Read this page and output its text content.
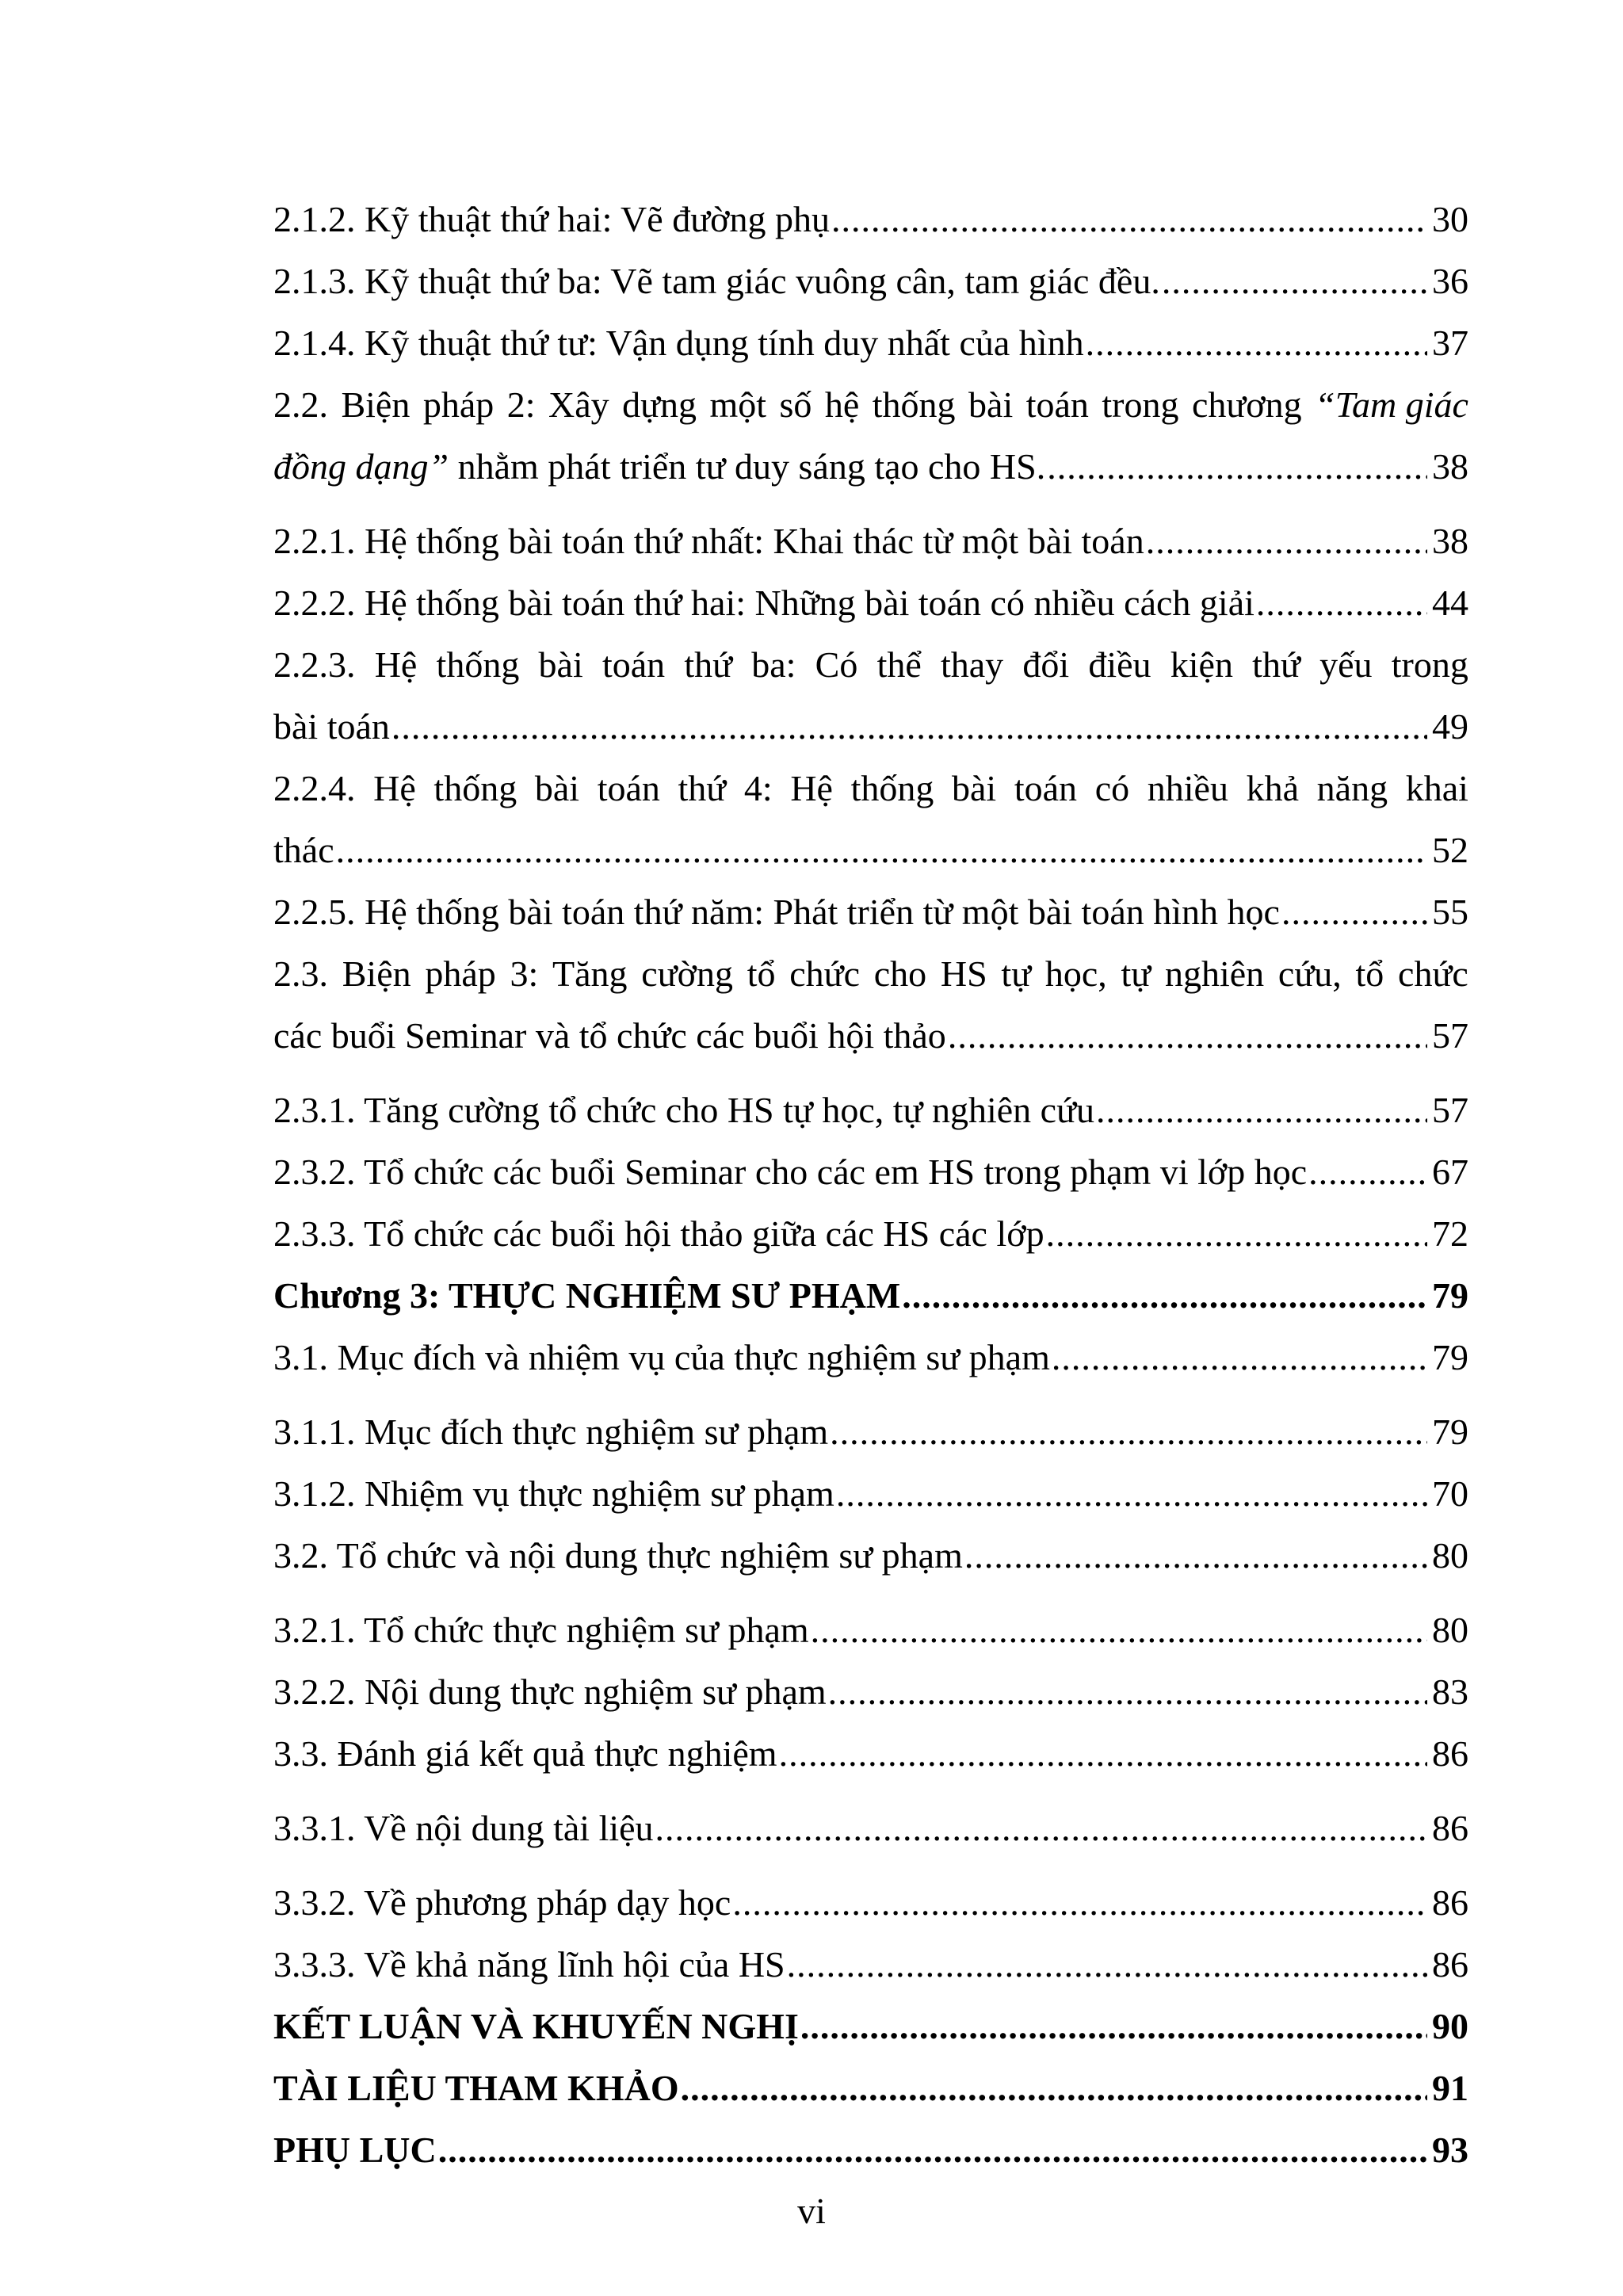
2.1.2. Kỹ thuật thứ hai: Vẽ đường phụ .....	30
2.1.3. Kỹ thuật thứ ba: Vẽ tam giác vuông cân, tam giác đều. .....	36
2.1.4. Kỹ thuật thứ tư: Vận dụng tính duy nhất của hình .....	37
2.2. Biện pháp 2: Xây dựng một số hệ thống bài toán trong chương “Tam giác
đồng dạng” nhằm phát triển tư duy sáng tạo cho HS. .....	38
2.2.1. Hệ thống bài toán thứ nhất: Khai thác từ một bài toán .....	38
2.2.2. Hệ thống bài toán thứ hai: Những bài toán có nhiều cách giải .....	44
2.2.3. Hệ thống bài toán thứ ba: Có thể thay đổi điều kiện thứ yếu trong
bài toán .....	49
2.2.4. Hệ thống bài toán thứ 4: Hệ thống bài toán có nhiều khả năng khai
thác .....	52
2.2.5. Hệ thống bài toán thứ năm: Phát triển từ một bài toán hình học .....	55
2.3. Biện pháp 3: Tăng cường tổ chức cho HS tự học, tự nghiên cứu, tổ chức
các buổi Seminar và tổ chức các buổi hội thảo .....	57
2.3.1. Tăng cường tổ chức cho HS tự học, tự nghiên cứu .....	57
2.3.2. Tổ chức các buổi Seminar cho các em HS trong phạm vi lớp học .....	67
2.3.3. Tổ chức các buổi hội thảo giữa các HS các lớp .....	72
Chương 3: THỰC NGHIỆM SƯ PHẠM .....	79
3.1. Mục đích và nhiệm vụ của thực nghiệm sư phạm .....	79
3.1.1. Mục đích thực nghiệm sư phạm .....	79
3.1.2. Nhiệm vụ thực nghiệm sư phạm .....	70
3.2. Tổ chức và nội dung thực nghiệm sư phạm .....	80
3.2.1. Tổ chức thực nghiệm sư phạm .....	80
3.2.2. Nội dung thực nghiệm sư phạm .....	83
3.3. Đánh giá kết quả thực nghiệm .....	86
3.3.1. Về nội dung tài liệu .....	86
3.3.2. Về phương pháp dạy học .....	86
3.3.3. Về khả năng lĩnh hội của HS .....	86
KẾT LUẬN VÀ KHUYẾN NGHỊ .....	90
TÀI LIỆU THAM KHẢO .....	91
PHỤ LỤC .....	93
vi
